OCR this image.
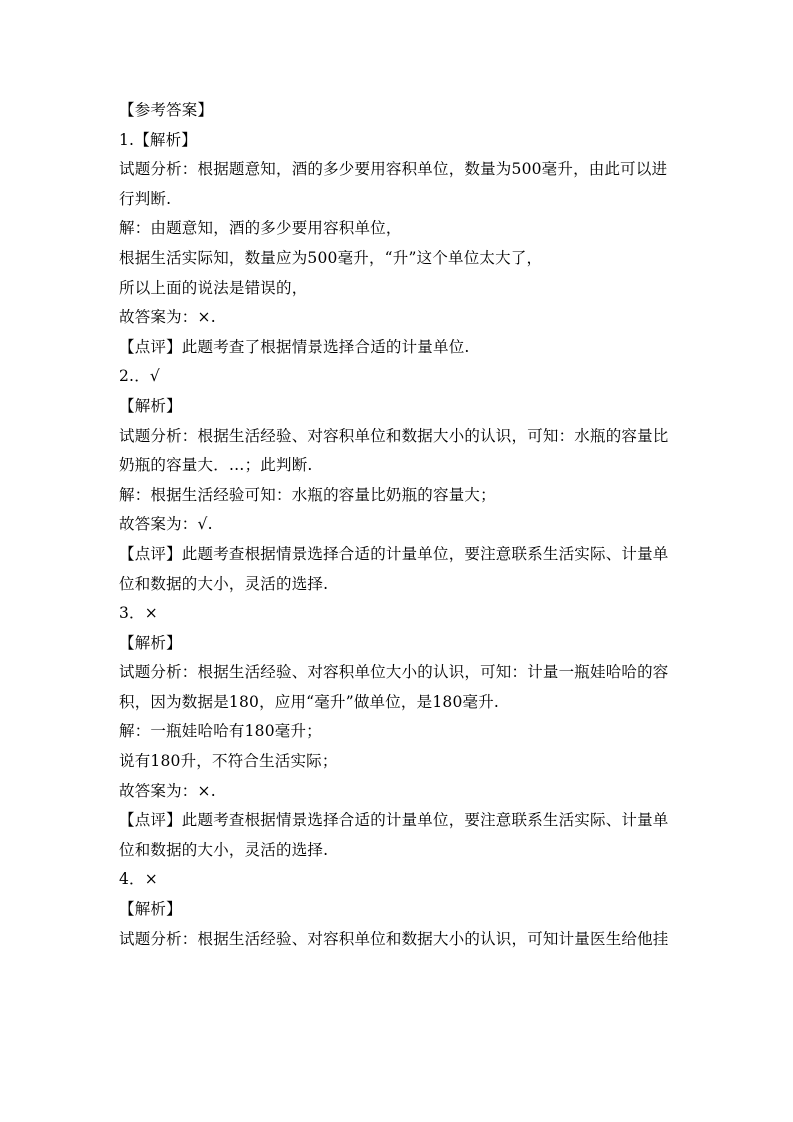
【参考答案】
1.【解析】
试题分析：根据题意知，酒的多少要用容积单位，数量为500毫升，由此可以进
行判断.
解：由题意知，酒的多少要用容积单位，
根据生活实际知，数量应为500毫升，“升”这个单位太大了，
所以上面的说法是错误的，
故答案为：×.
【点评】此题考查了根据情景选择合适的计量单位.
2.．√
【解析】
试题分析：根据生活经验、对容积单位和数据大小的认识，可知：水瓶的容量比
奶瓶的容量大．…；此判断.
解：根据生活经验可知：水瓶的容量比奶瓶的容量大；
故答案为：√.
【点评】此题考查根据情景选择合适的计量单位，要注意联系生活实际、计量单
位和数据的大小，灵活的选择.
3．×
【解析】
试题分析：根据生活经验、对容积单位大小的认识，可知：计量一瓶娃哈哈的容
积，因为数据是180，应用“毫升”做单位，是180毫升.
解：一瓶娃哈哈有180毫升；
说有180升，不符合生活实际；
故答案为：×.
【点评】此题考查根据情景选择合适的计量单位，要注意联系生活实际、计量单
位和数据的大小，灵活的选择.
4．×
【解析】
试题分析：根据生活经验、对容积单位和数据大小的认识，可知计量医生给他挂
